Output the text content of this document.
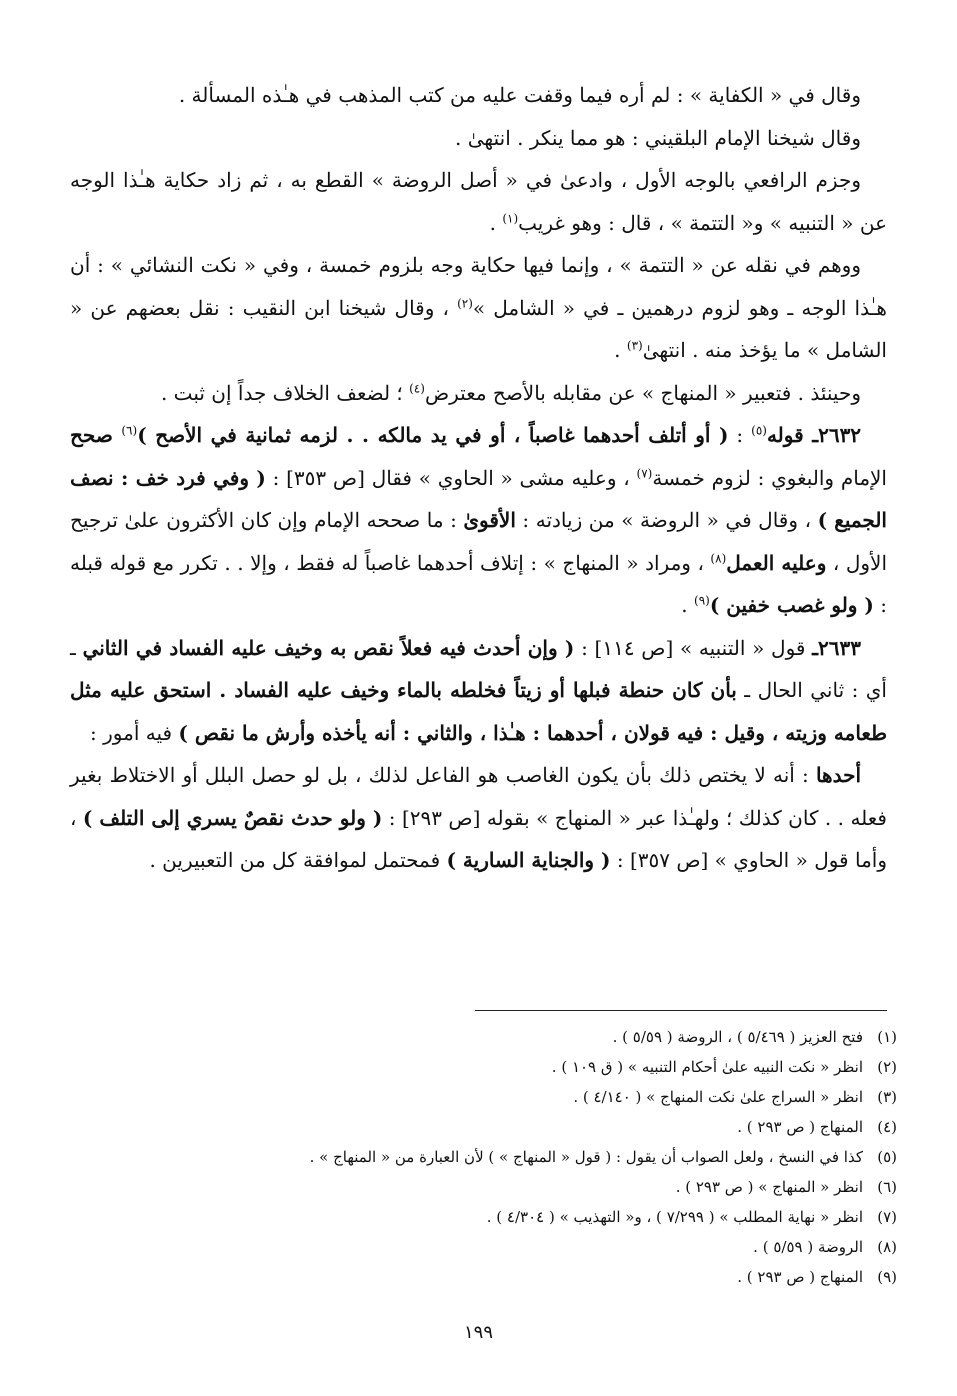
وقال في « الكفاية » : لم أره فيما وقفت عليه من كتب المذهب في هـٰذه المسألة .

وقال شيخنا الإمام البلقيني : هو مما ينكر . انتهىٰ .

وجزم الرافعي بالوجه الأول ، وادعىٰ في « أصل الروضة » القطع به ، ثم زاد حكاية هـٰذا الوجه عن « التنبيه » و« التتمة » ، قال : وهو غريب$^{(١)}$ .

ووهم في نقله عن « التتمة » ، وإنما فيها حكاية وجه بلزوم خمسة ، وفي « نكت النشائي » : أن هـٰذا الوجه ـ وهو لزوم درهمين ـ في « الشامل »$^{(٢)}$ ، وقال شيخنا ابن النقيب : نقل بعضهم عن « الشامل » ما يؤخذ منه . انتهىٰ$^{(٣)}$ .

وحينئذ . فتعبير « المنهاج » عن مقابله بالأصح معترض$^{(٤)}$ ؛ لضعف الخلاف جداً إن ثبت .

٢٦٣٢ـ قوله$^{(٥)}$ : ( أو أتلف أحدهما غاصباً ، أو في يد مالكه . . لزمه ثمانية في الأصح )$^{(٦)}$ صحح الإمام والبغوي : لزوم خمسة$^{(٧)}$ ، وعليه مشى « الحاوي » فقال [ص ٣٥٣] : ( وفي فرد خف : نصف الجميع ) ، وقال في « الروضة » من زيادته : الأقوىٰ : ما صححه الإمام وإن كان الأكثرون علىٰ ترجيح الأول ، وعليه العمل$^{(٨)}$ ، ومراد « المنهاج » : إتلاف أحدهما غاصباً له فقط ، وإلا . . تكرر مع قوله قبله : ( ولو غصب خفين )$^{(٩)}$ .

٢٦٣٣ـ قول « التنبيه » [ص ١١٤] : ( وإن أحدث فيه فعلاً نقص به وخيف عليه الفساد في الثاني ـ أي : ثاني الحال ـ بأن كان حنطة فبلها أو زيتاً فخلطه بالماء وخيف عليه الفساد . استحق عليه مثل طعامه وزيته ، وقيل : فيه قولان ، أحدهما : هـٰذا ، والثاني : أنه يأخذه وأرش ما نقص ) فيه أمور :

أحدها : أنه لا يختص ذلك بأن يكون الغاصب هو الفاعل لذلك ، بل لو حصل البلل أو الاختلاط بغير فعله . . كان كذلك ؛ ولهـٰذا عبر « المنهاج » بقوله [ص ٢٩٣] : ( ولو حدث نقصٌ يسري إلى التلف ) ، وأما قول « الحاوي » [ص ٣٥٧] : ( والجناية السارية ) فمحتمل لموافقة كل من التعبيرين .

(١)
فتح العزيز ( ٥/٤٦٩ ) ، الروضة ( ٥/٥٩ ) .
(٢)
انظر « نكت النبيه علىٰ أحكام التنبيه » ( ق ١٠٩ ) .
(٣)
انظر « السراج علىٰ نكت المنهاج » ( ٤/١٤٠ ) .
(٤)
المنهاج ( ص ٢٩٣ ) .
(٥)
كذا في النسخ ، ولعل الصواب أن يقول : ( قول « المنهاج » ) لأن العبارة من « المنهاج » .
(٦)
انظر « المنهاج » ( ص ٢٩٣ ) .
(٧)
انظر « نهاية المطلب » ( ٧/٢٩٩ ) ، و« التهذيب » ( ٤/٣٠٤ ) .
(٨)
الروضة ( ٥/٥٩ ) .
(٩)
المنهاج ( ص ٢٩٣ ) .
١٩٩
